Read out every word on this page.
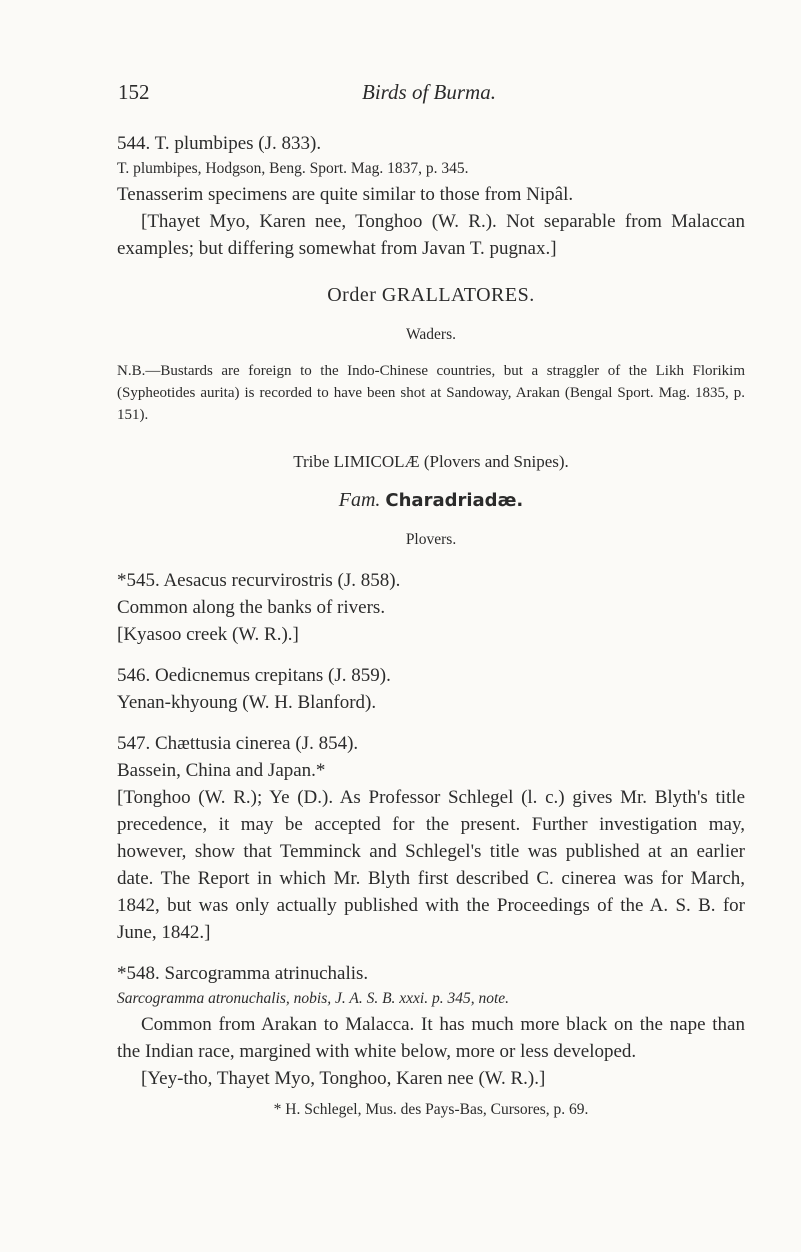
152	Birds of Burma.

544. T. plumbipes (J. 833).

T. plumbipes, Hodgson, Beng. Sport. Mag. 1837, p. 345.

Tenasserim specimens are quite similar to those from Nipâl.

[Thayet Myo, Karen nee, Tonghoo (W. R.). Not separable from Malaccan examples; but differing somewhat from Javan T. pugnax.]

Order GRALLATORES.

Waders.

N.B.—Bustards are foreign to the Indo-Chinese countries, but a straggler of the Likh Florikim (Sypheotides aurita) is recorded to have been shot at Sandoway, Arakan (Bengal Sport. Mag. 1835, p. 151).

Tribe LIMICOLÆ (Plovers and Snipes).

Fam. Charadriadæ.

Plovers.

*545. Aesacus recurvirostris (J. 858).

Common along the banks of rivers.

[Kyasoo creek (W. R.).]

546. Oedicnemus crepitans (J. 859).

Yenan-khyoung (W. H. Blanford).

547. Chættusia cinerea (J. 854).

Bassein, China and Japan.*

[Tonghoo (W. R.); Ye (D.). As Professor Schlegel (l. c.) gives Mr. Blyth's title precedence, it may be accepted for the present. Further investigation may, however, show that Temminck and Schlegel's title was published at an earlier date. The Report in which Mr. Blyth first described C. cinerea was for March, 1842, but was only actually published with the Proceedings of the A. S. B. for June, 1842.]

*548. Sarcogramma atrinuchalis.

Sarcogramma atronuchalis, nobis, J. A. S. B. xxxi. p. 345, note.

Common from Arakan to Malacca. It has much more black on the nape than the Indian race, margined with white below, more or less developed.

[Yey-tho, Thayet Myo, Tonghoo, Karen nee (W. R.).]

* H. Schlegel, Mus. des Pays-Bas, Cursores, p. 69.
